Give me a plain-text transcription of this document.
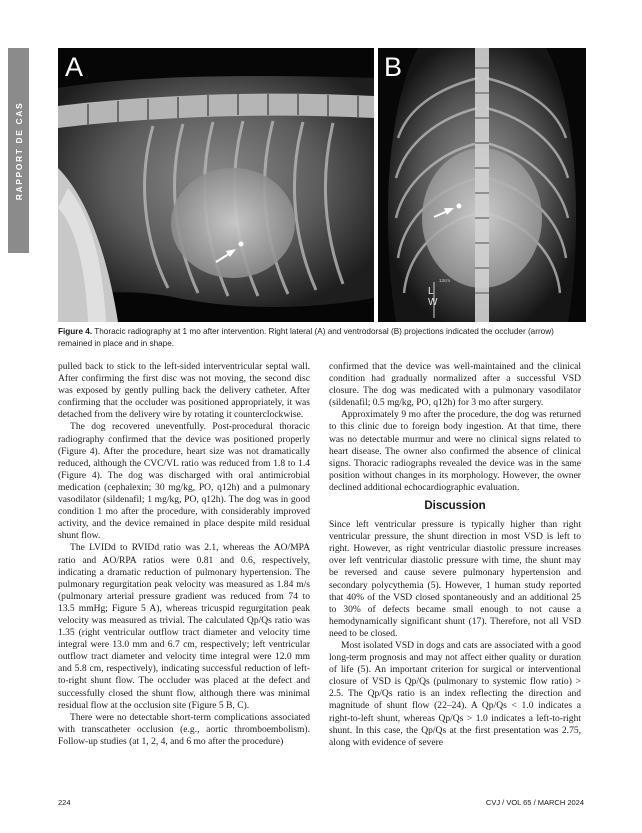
RAPPORT DE CAS
A	B
13cm
L
W
Figure 4. Thoracic radiography at 1 mo after intervention. Right lateral (A) and ventrodorsal (B) projections indicated the occluder (arrow) remained in place and in shape.

pulled back to stick to the left-sided interventricular septal wall. After confirming the first disc was not moving, the second disc was exposed by gently pulling back the delivery catheter. After confirming that the occluder was positioned appropriately, it was detached from the delivery wire by rotating it counterclockwise.

The dog recovered uneventfully. Post-procedural thoracic radiography confirmed that the device was positioned properly (Figure 4). After the procedure, heart size was not dramatically reduced, although the CVC/VL ratio was reduced from 1.8 to 1.4 (Figure 4). The dog was discharged with oral antimicrobial medication (cephalexin; 30 mg/kg, PO, q12h) and a pulmonary vasodilator (sildenafil; 1 mg/kg, PO, q12h). The dog was in good condition 1 mo after the procedure, with considerably improved activity, and the device remained in place despite mild residual shunt flow.

The LVIDd to RVIDd ratio was 2.1, whereas the AO/MPA ratio and AO/RPA ratios were 0.81 and 0.6, respectively, indicating a dramatic reduction of pulmonary hypertension. The pulmonary regurgitation peak velocity was measured as 1.84 m/s (pulmonary arterial pressure gradient was reduced from 74 to 13.5 mmHg; Figure 5 A), whereas tricuspid regurgitation peak velocity was measured as trivial. The calculated Qp/Qs ratio was 1.35 (right ventricular outflow tract diameter and velocity time integral were 13.0 mm and 6.7 cm, respectively; left ventricular outflow tract diameter and velocity time integral were 12.0 mm and 5.8 cm, respectively), indicating successful reduction of left-to-right shunt flow. The occluder was placed at the defect and successfully closed the shunt flow, although there was minimal residual flow at the occlusion site (Figure 5 B, C).

There were no detectable short-term complications associated with transcatheter occlusion (e.g., aortic thromboembolism). Follow-up studies (at 1, 2, 4, and 6 mo after the procedure)

confirmed that the device was well-maintained and the clinical condition had gradually normalized after a successful VSD closure. The dog was medicated with a pulmonary vasodilator (sildenafil; 0.5 mg/kg, PO, q12h) for 3 mo after surgery.

Approximately 9 mo after the procedure, the dog was returned to this clinic due to foreign body ingestion. At that time, there was no detectable murmur and were no clinical signs related to heart disease. The owner also confirmed the absence of clinical signs. Thoracic radiographs revealed the device was in the same position without changes in its morphology. However, the owner declined additional echocardiographic evaluation.

Discussion

Since left ventricular pressure is typically higher than right ventricular pressure, the shunt direction in most VSD is left to right. However, as right ventricular diastolic pressure increases over left ventricular diastolic pressure with time, the shunt may be reversed and cause severe pulmonary hypertension and secondary polycythemia (5). However, 1 human study reported that 40% of the VSD closed spontaneously and an additional 25 to 30% of defects became small enough to not cause a hemodynamically significant shunt (17). Therefore, not all VSD need to be closed.

Most isolated VSD in dogs and cats are associated with a good long-term prognosis and may not affect either quality or duration of life (5). An important criterion for surgical or interventional closure of VSD is Qp/Qs (pulmonary to systemic flow ratio) > 2.5. The Qp/Qs ratio is an index reflecting the direction and magnitude of shunt flow (22–24). A Qp/Qs < 1.0 indicates a right-to-left shunt, whereas Qp/Qs > 1.0 indicates a left-to-right shunt. In this case, the Qp/Qs at the first presentation was 2.75, along with evidence of severe

224	CVJ / VOL 65 / MARCH 2024
